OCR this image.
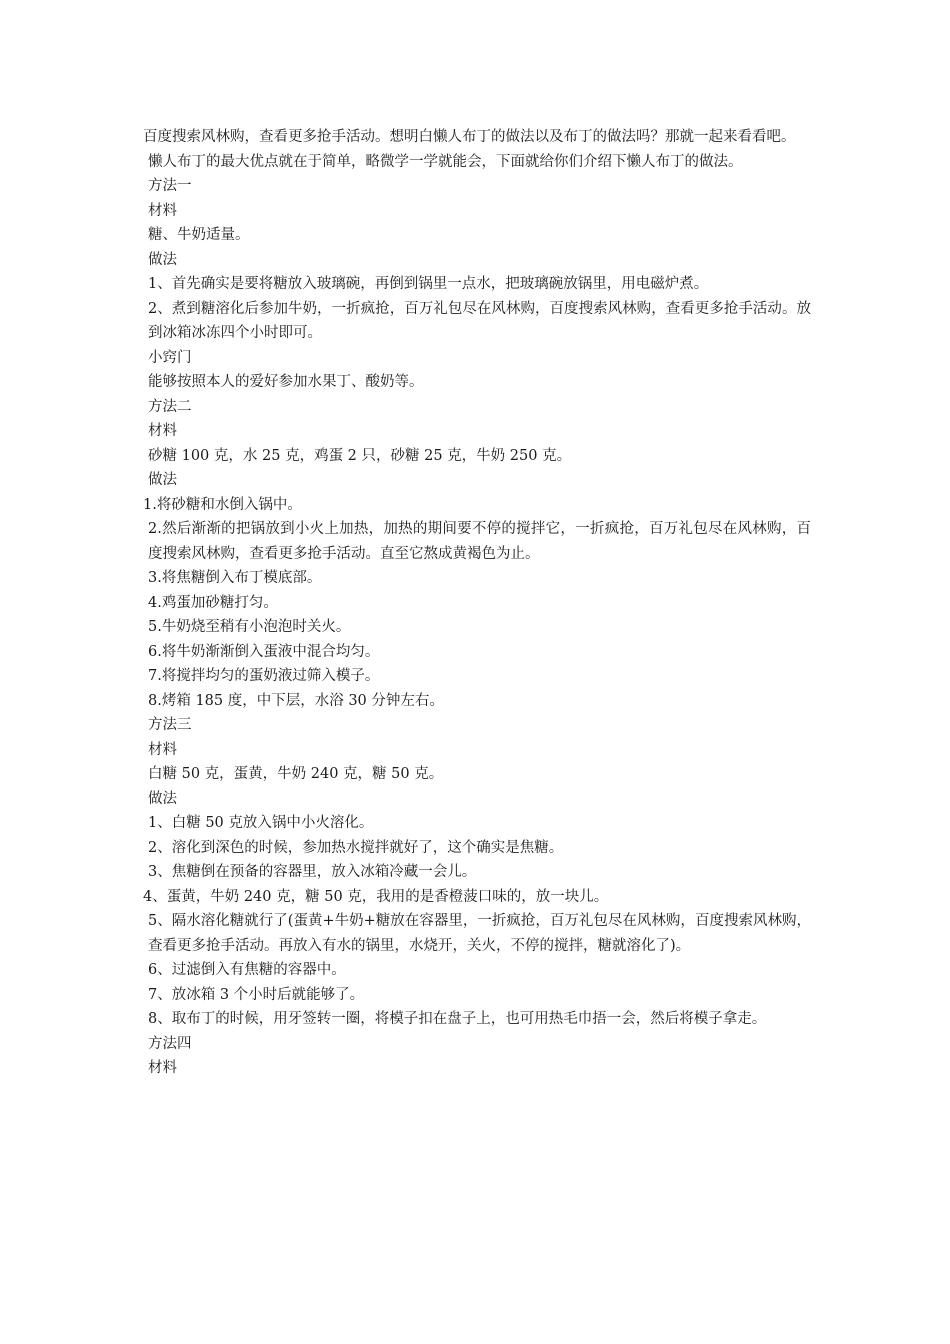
百度搜索风林购，查看更多抢手活动。想明白懒人布丁的做法以及布丁的做法吗？那就一起来看看吧。

懒人布丁的最大优点就在于简单，略微学一学就能会，下面就给你们介绍下懒人布丁的做法。

方法一

材料

糖、牛奶适量。

做法

1、首先确实是要将糖放入玻璃碗，再倒到锅里一点水，把玻璃碗放锅里，用电磁炉煮。

2、煮到糖溶化后参加牛奶，一折疯抢，百万礼包尽在风林购，百度搜索风林购，查看更多抢手活动。放到冰箱冰冻四个小时即可。

小窍门

能够按照本人的爱好参加水果丁、酸奶等。

方法二

材料

砂糖 100 克，水 25 克，鸡蛋 2 只，砂糖 25 克，牛奶 250 克。

做法

1.将砂糖和水倒入锅中。

2.然后渐渐的把锅放到小火上加热，加热的期间要不停的搅拌它，一折疯抢，百万礼包尽在风林购，百度搜索风林购，查看更多抢手活动。直至它熬成黄褐色为止。

3.将焦糖倒入布丁模底部。

4.鸡蛋加砂糖打匀。

5.牛奶烧至稍有小泡泡时关火。

6.将牛奶渐渐倒入蛋液中混合均匀。

7.将搅拌均匀的蛋奶液过筛入模子。

8.烤箱 185 度，中下层，水浴 30 分钟左右。

方法三

材料

白糖 50 克，蛋黄，牛奶 240 克，糖 50 克。

做法

1、白糖 50 克放入锅中小火溶化。

2、溶化到深色的时候，参加热水搅拌就好了，这个确实是焦糖。

3、焦糖倒在预备的容器里，放入冰箱冷藏一会儿。

4、蛋黄，牛奶 240 克，糖 50 克，我用的是香橙菠口味的，放一块儿。

5、隔水溶化糖就行了(蛋黄+牛奶+糖放在容器里，一折疯抢，百万礼包尽在风林购，百度搜索风林购，查看更多抢手活动。再放入有水的锅里，水烧开，关火，不停的搅拌，糖就溶化了)。

6、过滤倒入有焦糖的容器中。

7、放冰箱 3 个小时后就能够了。

8、取布丁的时候，用牙签转一圈，将模子扣在盘子上，也可用热毛巾捂一会，然后将模子拿走。

方法四

材料
